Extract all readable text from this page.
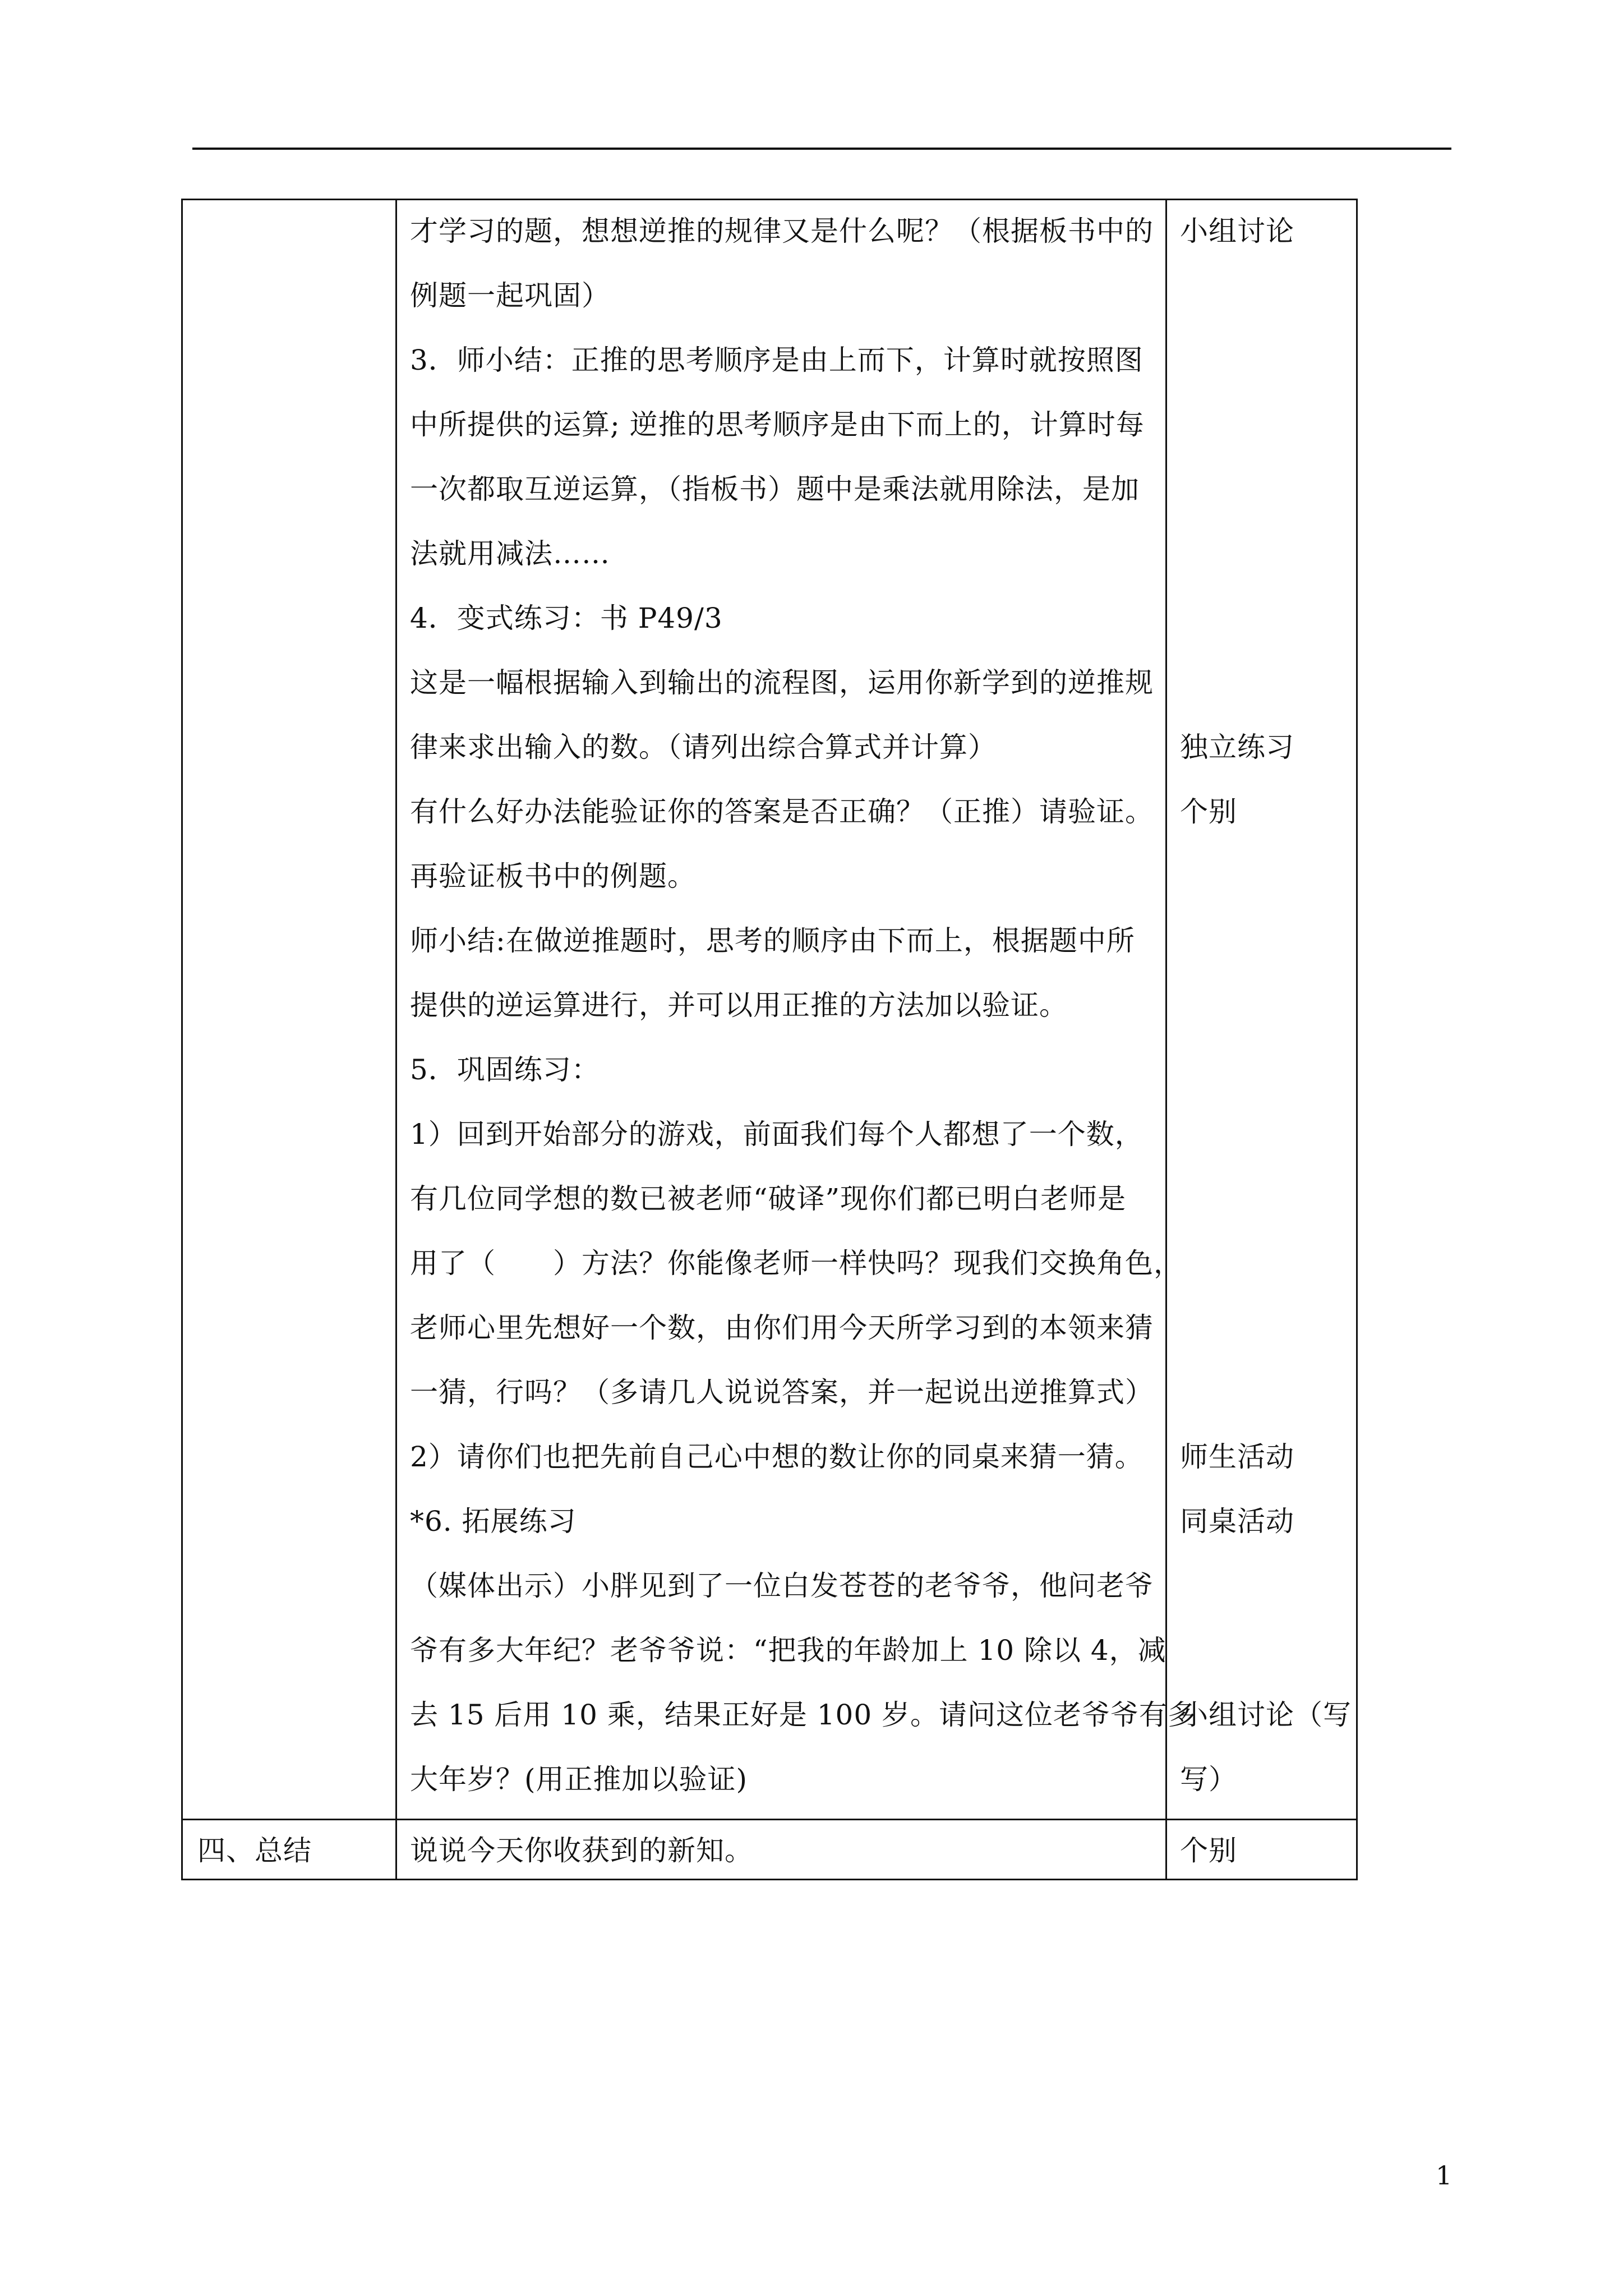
才学习的题，想想逆推的规律又是什么呢？（根据板书中的
例题一起巩固）
3．师小结：正推的思考顺序是由上而下，计算时就按照图
中所提供的运算; 逆推的思考顺序是由下而上的，计算时每
一次都取互逆运算，（指板书）题中是乘法就用除法，是加
法就用减法……
4．变式练习：书 P49/3
这是一幅根据输入到输出的流程图，运用你新学到的逆推规
律来求出输入的数。（请列出综合算式并计算）
有什么好办法能验证你的答案是否正确？（正推）请验证。
再验证板书中的例题。
师小结:在做逆推题时，思考的顺序由下而上，根据题中所
提供的逆运算进行，并可以用正推的方法加以验证。
5．巩固练习：
1）回到开始部分的游戏，前面我们每个人都想了一个数，
有几位同学想的数已被老师“破译”现你们都已明白老师是
用了（　　）方法？你能像老师一样快吗？现我们交换角色，
老师心里先想好一个数，由你们用今天所学习到的本领来猜
一猜，行吗？（多请几人说说答案，并一起说出逆推算式）
2）请你们也把先前自己心中想的数让你的同桌来猜一猜。
*6. 拓展练习
（媒体出示）小胖见到了一位白发苍苍的老爷爷，他问老爷
爷有多大年纪？老爷爷说：“把我的年龄加上 10 除以 4，减
去 15 后用 10 乘，结果正好是 100 岁。请问这位老爷爷有多
大年岁？(用正推加以验证)
小组讨论
独立练习
个别
师生活动
同桌活动
小组讨论（写
写）
四、总结	说说今天你收获到的新知。	个别
1
